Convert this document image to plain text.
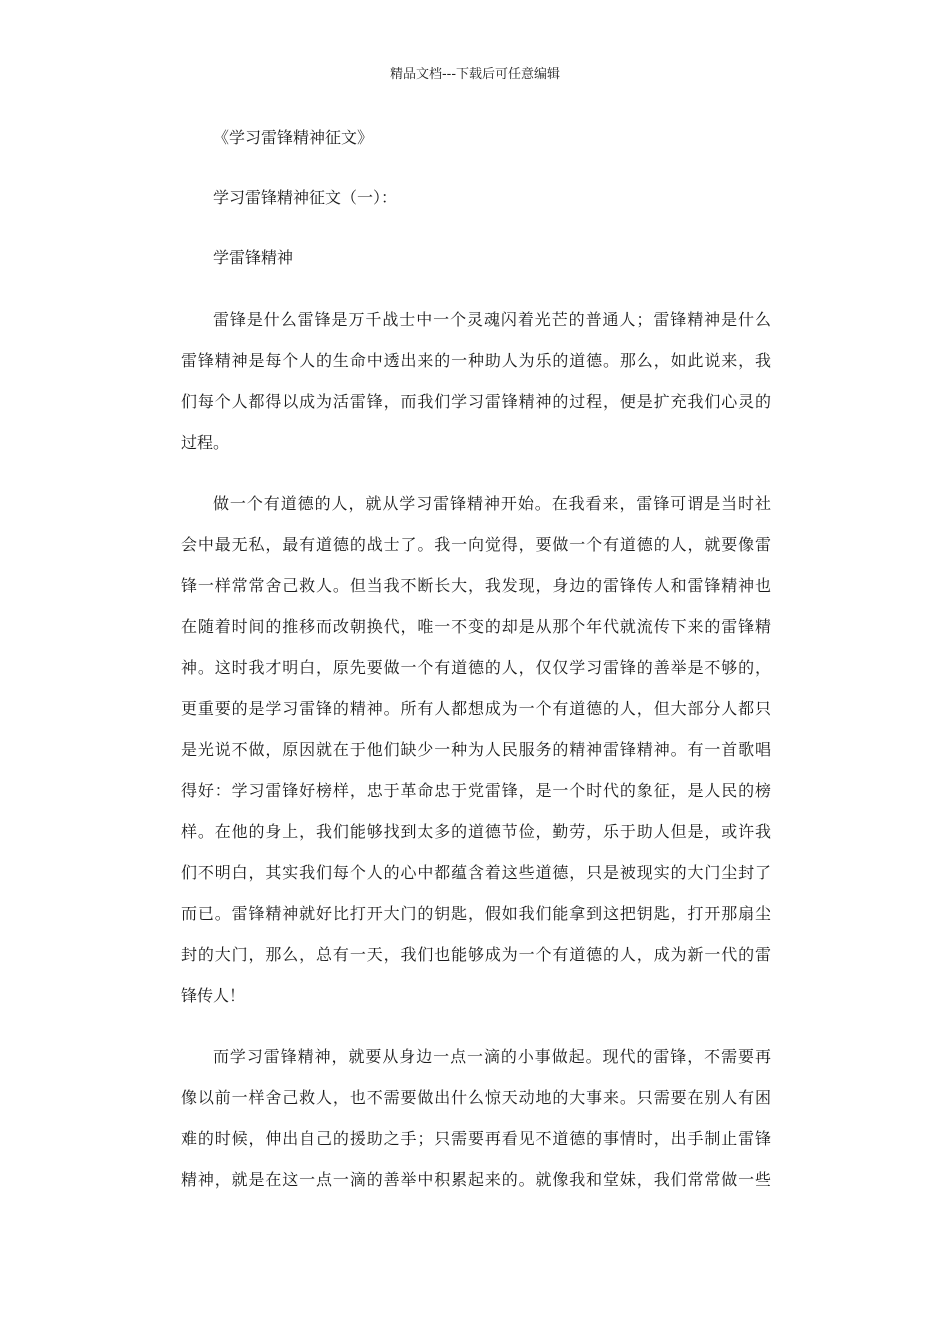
精品文档---下载后可任意编辑
《学习雷锋精神征文》
学习雷锋精神征文（一）：
学雷锋精神
雷锋是什么雷锋是万千战士中一个灵魂闪着光芒的普通人；雷锋精神是什么
雷锋精神是每个人的生命中透出来的一种助人为乐的道德。那么，如此说来，我
们每个人都得以成为活雷锋，而我们学习雷锋精神的过程，便是扩充我们心灵的
过程。
做一个有道德的人，就从学习雷锋精神开始。在我看来，雷锋可谓是当时社
会中最无私，最有道德的战士了。我一向觉得，要做一个有道德的人，就要像雷
锋一样常常舍己救人。但当我不断长大，我发现，身边的雷锋传人和雷锋精神也
在随着时间的推移而改朝换代，唯一不变的却是从那个年代就流传下来的雷锋精
神。这时我才明白，原先要做一个有道德的人，仅仅学习雷锋的善举是不够的，
更重要的是学习雷锋的精神。所有人都想成为一个有道德的人，但大部分人都只
是光说不做，原因就在于他们缺少一种为人民服务的精神雷锋精神。有一首歌唱
得好：学习雷锋好榜样，忠于革命忠于党雷锋，是一个时代的象征，是人民的榜
样。在他的身上，我们能够找到太多的道德节俭，勤劳，乐于助人但是，或许我
们不明白，其实我们每个人的心中都蕴含着这些道德，只是被现实的大门尘封了
而已。雷锋精神就好比打开大门的钥匙，假如我们能拿到这把钥匙，打开那扇尘
封的大门，那么，总有一天，我们也能够成为一个有道德的人，成为新一代的雷
锋传人！
而学习雷锋精神，就要从身边一点一滴的小事做起。现代的雷锋，不需要再
像以前一样舍己救人，也不需要做出什么惊天动地的大事来。只需要在别人有困
难的时候，伸出自己的援助之手；只需要再看见不道德的事情时，出手制止雷锋
精神，就是在这一点一滴的善举中积累起来的。就像我和堂妹，我们常常做一些
